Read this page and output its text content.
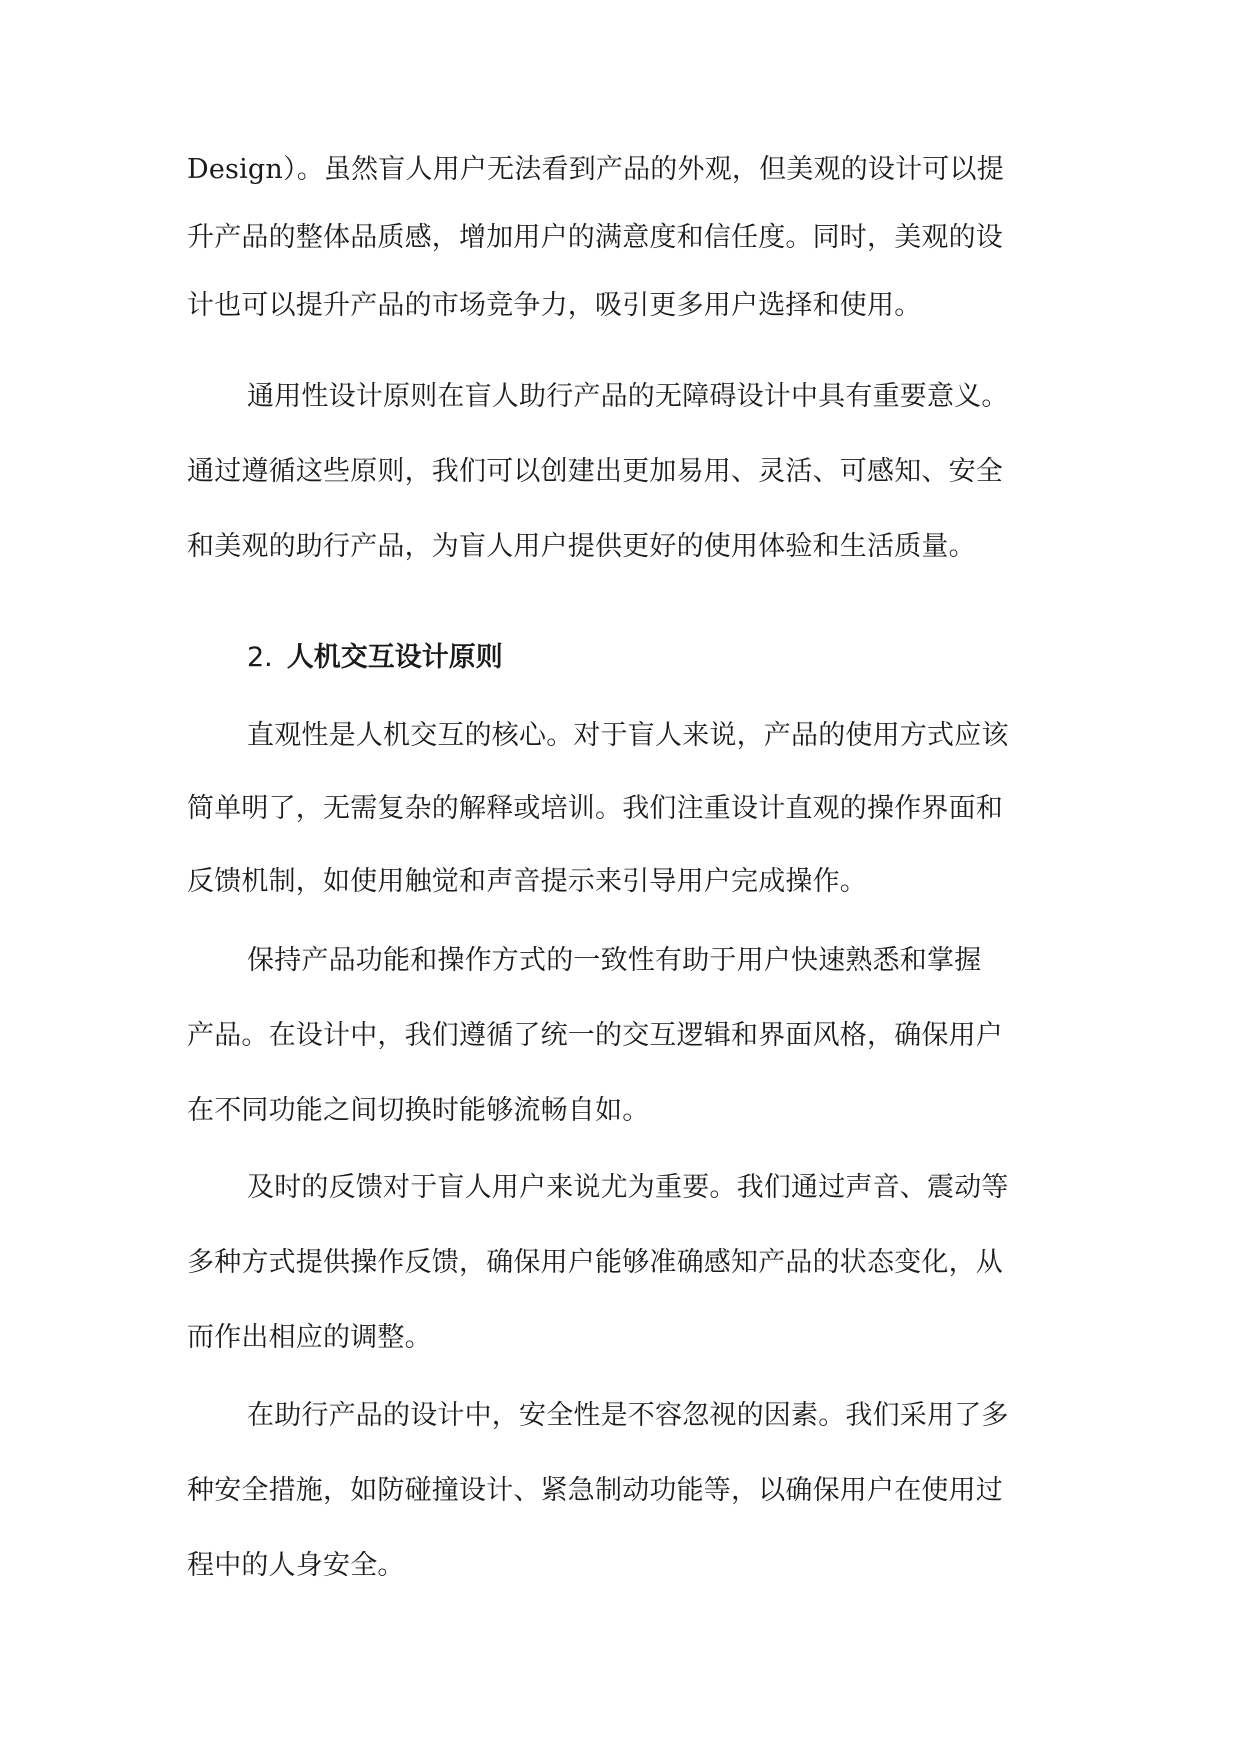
Design）。虽然盲人用户无法看到产品的外观，但美观的设计可以提
升产品的整体品质感，增加用户的满意度和信任度。同时，美观的设
计也可以提升产品的市场竞争力，吸引更多用户选择和使用。
通用性设计原则在盲人助行产品的无障碍设计中具有重要意义。
通过遵循这些原则，我们可以创建出更加易用、灵活、可感知、安全
和美观的助行产品，为盲人用户提供更好的使用体验和生活质量。
2. 人机交互设计原则
直观性是人机交互的核心。对于盲人来说，产品的使用方式应该
简单明了，无需复杂的解释或培训。我们注重设计直观的操作界面和
反馈机制，如使用触觉和声音提示来引导用户完成操作。
保持产品功能和操作方式的一致性有助于用户快速熟悉和掌握
产品。在设计中，我们遵循了统一的交互逻辑和界面风格，确保用户
在不同功能之间切换时能够流畅自如。
及时的反馈对于盲人用户来说尤为重要。我们通过声音、震动等
多种方式提供操作反馈，确保用户能够准确感知产品的状态变化，从
而作出相应的调整。
在助行产品的设计中，安全性是不容忽视的因素。我们采用了多
种安全措施，如防碰撞设计、紧急制动功能等，以确保用户在使用过
程中的人身安全。
